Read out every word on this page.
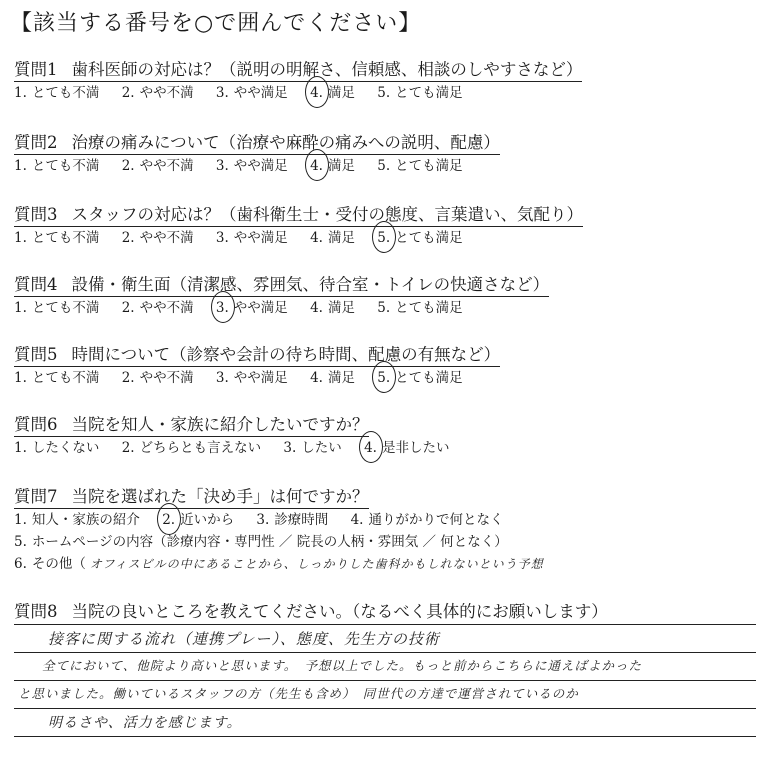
【該当する番号を○で囲んでください】
質問1 歯科医師の対応は？（説明の明解さ、信頼感、相談のしやすさなど）
1. とても不満 2. やや不満 3. やや満足 4. 満足 5. とても満足
質問2 治療の痛みについて（治療や麻酔の痛みへの説明、配慮）
1. とても不満 2. やや不満 3. やや満足 4. 満足 5. とても満足
質問3 スタッフの対応は？（歯科衛生士・受付の態度、言葉遣い、気配り）
1. とても不満 2. やや不満 3. やや満足 4. 満足 5. とても満足
質問4 設備・衛生面（清潔感、雰囲気、待合室・トイレの快適さなど）
1. とても不満 2. やや不満 3. やや満足 4. 満足 5. とても満足
質問5 時間について（診察や会計の待ち時間、配慮の有無など）
1. とても不満 2. やや不満 3. やや満足 4. 満足 5. とても満足
質問6 当院を知人・家族に紹介したいですか？
1. したくない 2. どちらとも言えない 3. したい 4. 是非したい
質問7 当院を選ばれた「決め手」は何ですか？
1. 知人・家族の紹介 2. 近いから 3. 診療時間 4. 通りがかりで何となく
5. ホームページの内容（診療内容・専門性 ／ 院長の人柄・雰囲気 ／ 何となく）
6. その他（ オフィスビルの中にあることから、しっかりした歯科かもしれないという予想
質問8 当院の良いところを教えてください。（なるべく具体的にお願いします）
接客に関する流れ（連携プレー）、態度、先生方の技術
全てにおいて、他院より高いと思います。　予想以上でした。もっと前からこちらに通えばよかった
と思いました。働いているスタッフの方（先生も含め）　同世代の方達で運営されているのか
明るさや、活力を感じます。
